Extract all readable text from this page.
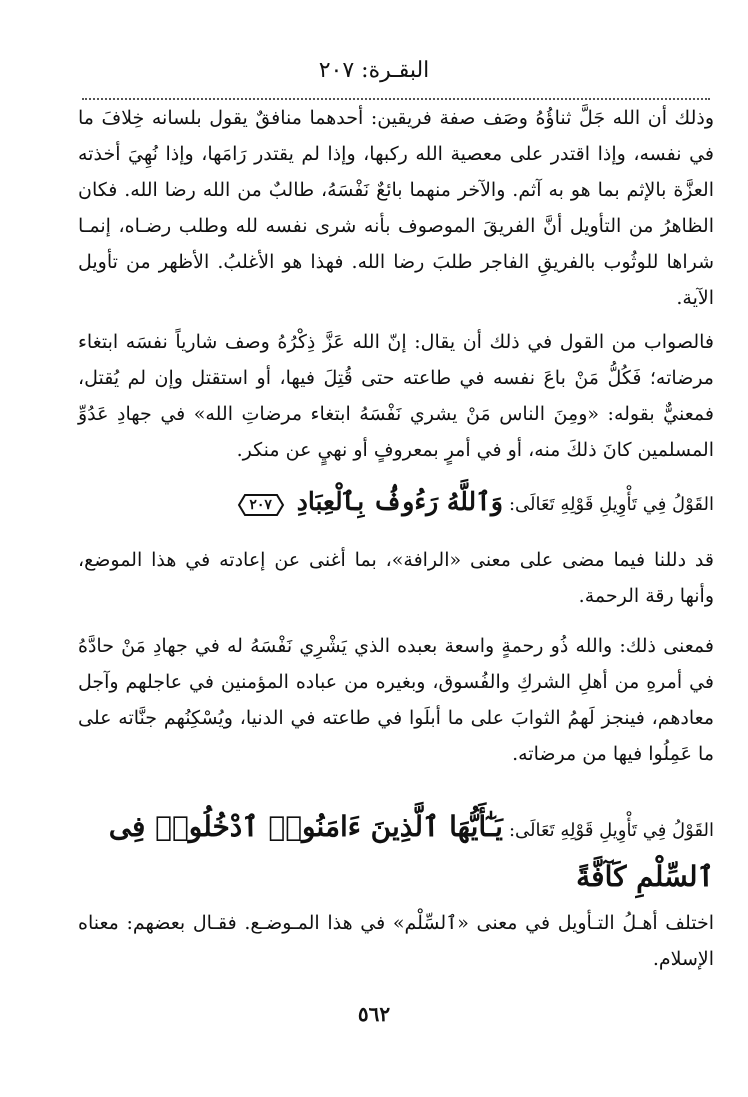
البقـرة: ٢٠٧
وذلك أن الله جَلَّ ثناؤُهُ وصَف صفة فريقين: أحدهما منافقٌ يقول بلسانه خِلافَ ما في نفسه، وإذا اقتدر على معصية الله ركبها، وإذا لم يقتدر رَامَها، وإذا نُهِيَ أخذته العزَّة بالإثم بما هو به آثم. والآخر منهما بائعٌ نَفْسَهُ، طالبٌ من الله رضا الله. فكان الظاهرُ من التأويل أنَّ الفريقَ الموصوف بأنه شرى نفسه لله وطلب رضـاه، إنمـا شراها للوثُوب بالفريقِ الفاجر طلبَ رضا الله. فهذا هو الأغلبُ. الأظهر من تأويل الآية.
فالصواب من القول في ذلك أن يقال: إنّ الله عَزَّ ذِكْرُهُ وصف شارياً نفسَه ابتغاء مرضاته؛ فَكُلُّ مَنْ باعَ نفسه في طاعته حتى قُتِلَ فيها، أو استقتل وإن لم يُقتل، فمعنيٌّ بقوله: «ومِنَ الناس مَنْ يشري نَفْسَهُ ابتغاء مرضاتِ الله» في جهادِ عَدُوِّ المسلمين كانَ ذلكَ منه، أو في أمرٍ بمعروفٍ أو نهيٍ عن منكر.
القَوْلُ فِي تَأْوِيلِ قَوْلِهِ تَعَالَى: وَٱللَّهُ رَءُوفُۢ بِٱلْعِبَادِ
٢٠٧
قد دللنا فيما مضى على معنى «الرافة»، بما أغنى عن إعادته في هذا الموضع، وأنها رقة الرحمة.
فمعنى ذلك: والله ذُو رحمةٍ واسعة بعبده الذي يَشْرِي نَفْسَهُ له في جهادِ مَنْ حادَّهُ في أمرهِ من أهلِ الشركِ والفُسوق، وبغيره من عباده المؤمنين في عاجلهم وآجل معادهم، فينجز لَهمُ الثوابَ على ما أبلَوا في طاعته في الدنيا، ويُسْكِنُهم جنَّاته على ما عَمِلُوا فيها من مرضاته.
القَوْلُ فِي تَأْوِيلِ قَوْلِهِ تَعَالَى: يَـٰٓأَيُّهَا ٱلَّذِينَ ءَامَنُوا۟ ٱدْخُلُوا۟ فِى ٱلسِّلْمِ كَآفَّةً
اختلف أهـلُ التـأويل في معنى «ٱلسِّلْم» في هذا المـوضـع. فقـال بعضهم: معناه الإسلام.
٥٦٢
